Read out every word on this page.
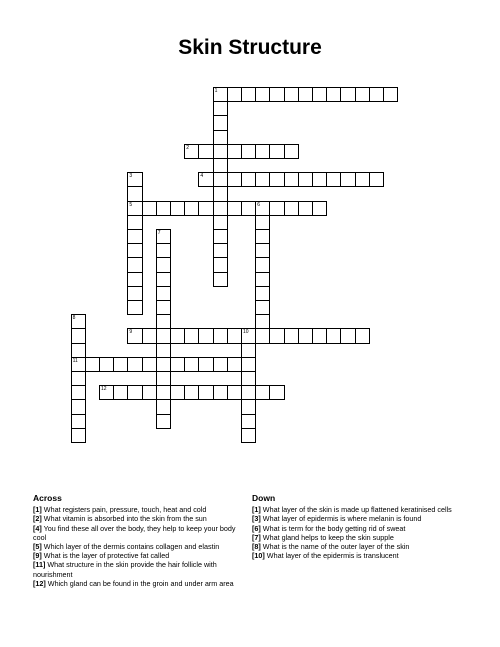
Skin Structure
1
2
4
3
5	6
7
8
11
9	10
12
Across

[1] What registers pain, pressure, touch, heat and cold

[2] What vitamin is absorbed into the skin from the sun

[4] You find these all over the body, they help to keep your body cool

[5] Which layer of the dermis contains collagen and elastin

[9] What is the layer of protective fat called

[11] What structure in the skin provide the hair follicle with nourishment

[12] Which gland can be found in the groin and under arm area

Down

[1] What layer of the skin is made up flattened keratinised cells

[3] What layer of epidermis is where melanin is found

[6] What is term for the body getting rid of sweat

[7] What gland helps to keep the skin supple

[8] What is the name of the outer layer of the skin

[10] What layer of the epidermis is translucent
